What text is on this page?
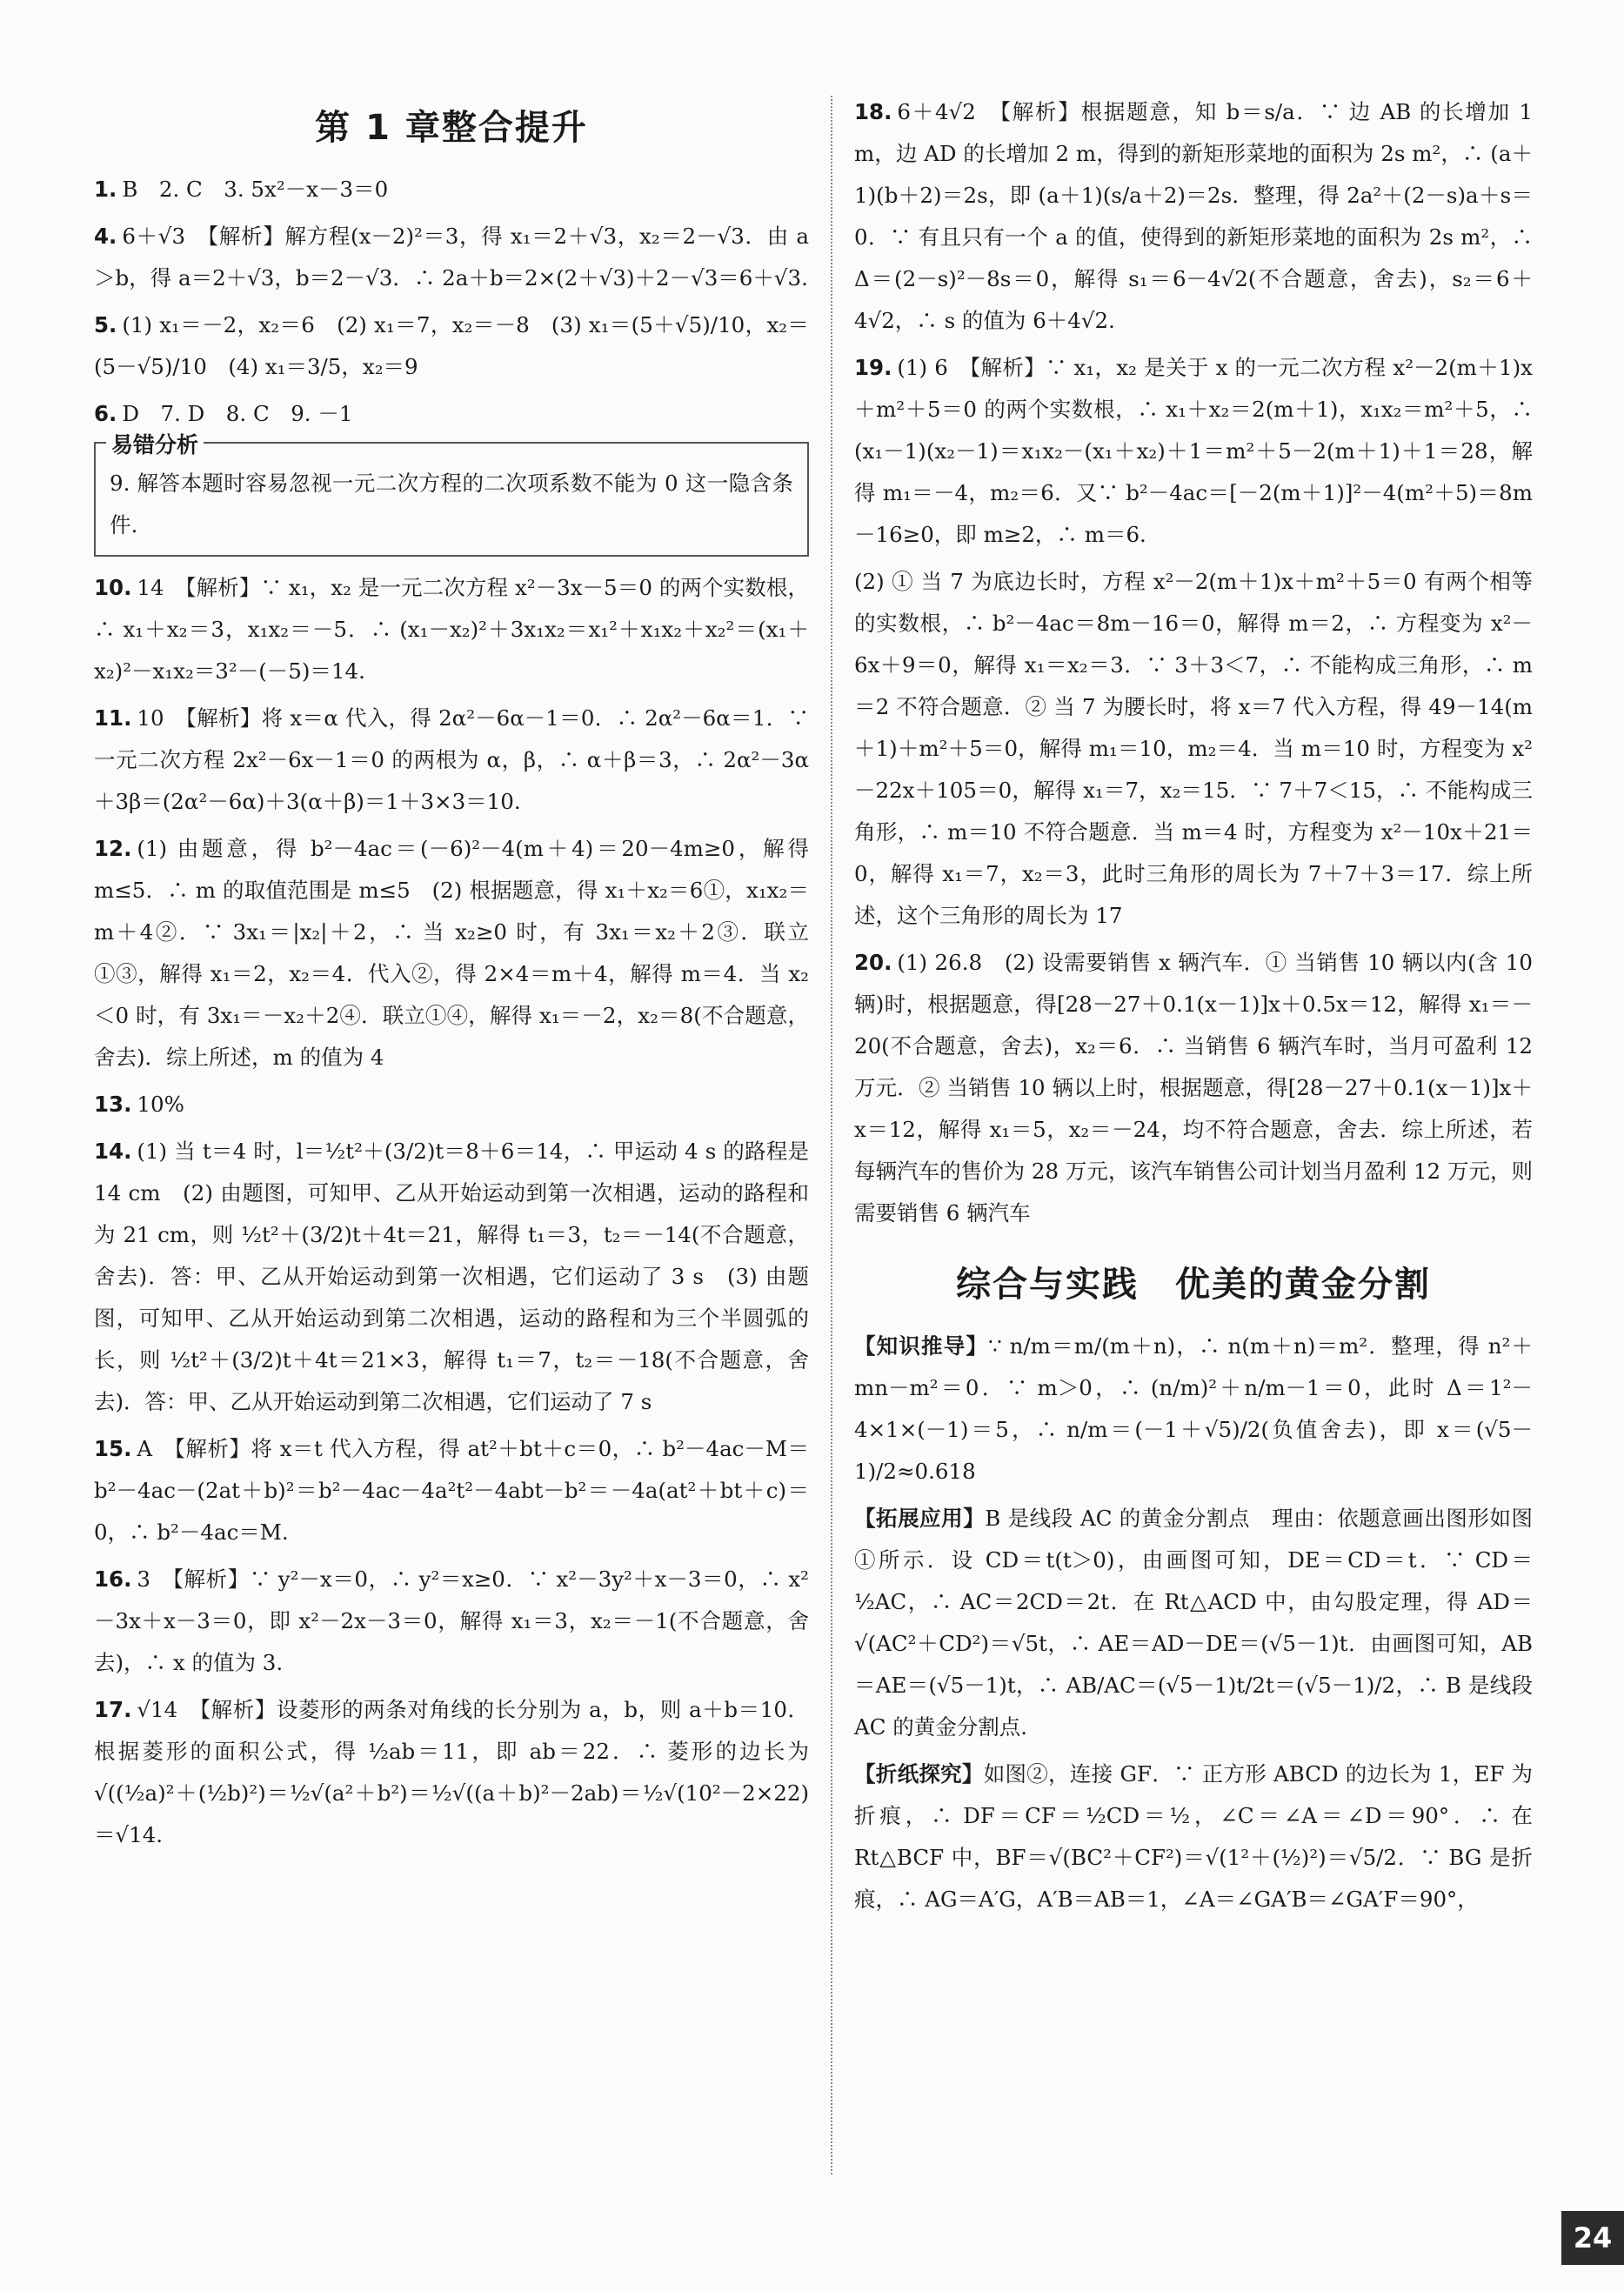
第 1 章整合提升

1. B　2. C　3. 5x²－x－3＝0

4. 6＋√3　【解析】解方程(x－2)²＝3，得 x₁＝2＋√3，x₂＝2－√3．由 a＞b，得 a＝2＋√3，b＝2－√3．∴ 2a＋b＝2×(2＋√3)＋2－√3＝6＋√3.

5. (1) x₁＝－2，x₂＝6　(2) x₁＝7，x₂＝－8　(3) x₁＝(5＋√5)/10，x₂＝(5－√5)/10　(4) x₁＝3/5，x₂＝9

6. D　7. D　8. C　9. －1

易错分析

9. 解答本题时容易忽视一元二次方程的二次项系数不能为 0 这一隐含条件.

10. 14　【解析】∵ x₁，x₂ 是一元二次方程 x²－3x－5＝0 的两个实数根，∴ x₁＋x₂＝3，x₁x₂＝－5．∴ (x₁－x₂)²＋3x₁x₂＝x₁²＋x₁x₂＋x₂²＝(x₁＋x₂)²－x₁x₂＝3²－(－5)＝14.

11. 10　【解析】将 x＝α 代入，得 2α²－6α－1＝0．∴ 2α²－6α＝1．∵ 一元二次方程 2x²－6x－1＝0 的两根为 α，β，∴ α＋β＝3，∴ 2α²－3α＋3β＝(2α²－6α)＋3(α＋β)＝1＋3×3＝10.

12. (1) 由题意，得 b²－4ac＝(－6)²－4(m＋4)＝20－4m≥0，解得 m≤5．∴ m 的取值范围是 m≤5　(2) 根据题意，得 x₁＋x₂＝6①，x₁x₂＝m＋4②．∵ 3x₁＝|x₂|＋2，∴ 当 x₂≥0 时，有 3x₁＝x₂＋2③．联立①③，解得 x₁＝2，x₂＝4．代入②，得 2×4＝m＋4，解得 m＝4．当 x₂＜0 时，有 3x₁＝－x₂＋2④．联立①④，解得 x₁＝－2，x₂＝8(不合题意，舍去)．综上所述，m 的值为 4

13. 10%

14. (1) 当 t＝4 时，l＝½t²＋(3/2)t＝8＋6＝14，∴ 甲运动 4 s 的路程是 14 cm　(2) 由题图，可知甲、乙从开始运动到第一次相遇，运动的路程和为 21 cm，则 ½t²＋(3/2)t＋4t＝21，解得 t₁＝3，t₂＝－14(不合题意，舍去)．答：甲、乙从开始运动到第一次相遇，它们运动了 3 s　(3) 由题图，可知甲、乙从开始运动到第二次相遇，运动的路程和为三个半圆弧的长，则 ½t²＋(3/2)t＋4t＝21×3，解得 t₁＝7，t₂＝－18(不合题意，舍去)．答：甲、乙从开始运动到第二次相遇，它们运动了 7 s

15. A　【解析】将 x＝t 代入方程，得 at²＋bt＋c＝0，∴ b²－4ac－M＝b²－4ac－(2at＋b)²＝b²－4ac－4a²t²－4abt－b²＝－4a(at²＋bt＋c)＝0，∴ b²－4ac＝M.

16. 3　【解析】∵ y²－x＝0，∴ y²＝x≥0．∵ x²－3y²＋x－3＝0，∴ x²－3x＋x－3＝0，即 x²－2x－3＝0，解得 x₁＝3，x₂＝－1(不合题意，舍去)，∴ x 的值为 3.

17. √14　【解析】设菱形的两条对角线的长分别为 a，b，则 a＋b＝10．根据菱形的面积公式，得 ½ab＝11，即 ab＝22．∴ 菱形的边长为 √((½a)²＋(½b)²)＝½√(a²＋b²)＝½√((a＋b)²－2ab)＝½√(10²－2×22)＝√14.

18. 6＋4√2　【解析】根据题意，知 b＝s/a．∵ 边 AB 的长增加 1 m，边 AD 的长增加 2 m，得到的新矩形菜地的面积为 2s m²，∴ (a＋1)(b＋2)＝2s，即 (a＋1)(s/a＋2)＝2s．整理，得 2a²＋(2－s)a＋s＝0．∵ 有且只有一个 a 的值，使得到的新矩形菜地的面积为 2s m²，∴ Δ＝(2－s)²－8s＝0，解得 s₁＝6－4√2(不合题意，舍去)，s₂＝6＋4√2，∴ s 的值为 6＋4√2.

19. (1) 6　【解析】∵ x₁，x₂ 是关于 x 的一元二次方程 x²－2(m＋1)x＋m²＋5＝0 的两个实数根，∴ x₁＋x₂＝2(m＋1)，x₁x₂＝m²＋5，∴ (x₁－1)(x₂－1)＝x₁x₂－(x₁＋x₂)＋1＝m²＋5－2(m＋1)＋1＝28，解得 m₁＝－4，m₂＝6．又∵ b²－4ac＝[－2(m＋1)]²－4(m²＋5)＝8m－16≥0，即 m≥2，∴ m＝6.

(2) ① 当 7 为底边长时，方程 x²－2(m＋1)x＋m²＋5＝0 有两个相等的实数根，∴ b²－4ac＝8m－16＝0，解得 m＝2，∴ 方程变为 x²－6x＋9＝0，解得 x₁＝x₂＝3．∵ 3＋3＜7，∴ 不能构成三角形，∴ m＝2 不符合题意．② 当 7 为腰长时，将 x＝7 代入方程，得 49－14(m＋1)＋m²＋5＝0，解得 m₁＝10，m₂＝4．当 m＝10 时，方程变为 x²－22x＋105＝0，解得 x₁＝7，x₂＝15．∵ 7＋7＜15，∴ 不能构成三角形，∴ m＝10 不符合题意．当 m＝4 时，方程变为 x²－10x＋21＝0，解得 x₁＝7，x₂＝3，此时三角形的周长为 7＋7＋3＝17．综上所述，这个三角形的周长为 17

20. (1) 26.8　(2) 设需要销售 x 辆汽车．① 当销售 10 辆以内(含 10 辆)时，根据题意，得[28－27＋0.1(x－1)]x＋0.5x＝12，解得 x₁＝－20(不合题意，舍去)，x₂＝6．∴ 当销售 6 辆汽车时，当月可盈利 12 万元．② 当销售 10 辆以上时，根据题意，得[28－27＋0.1(x－1)]x＋x＝12，解得 x₁＝5，x₂＝－24，均不符合题意，舍去．综上所述，若每辆汽车的售价为 28 万元，该汽车销售公司计划当月盈利 12 万元，则需要销售 6 辆汽车

综合与实践　优美的黄金分割

【知识推导】∵ n/m＝m/(m＋n)，∴ n(m＋n)＝m²．整理，得 n²＋mn－m²＝0．∵ m＞0，∴ (n/m)²＋n/m－1＝0，此时 Δ＝1²－4×1×(－1)＝5，∴ n/m＝(－1＋√5)/2(负值舍去)，即 x＝(√5－1)/2≈0.618

【拓展应用】B 是线段 AC 的黄金分割点　理由：依题意画出图形如图①所示．设 CD＝t(t＞0)，由画图可知，DE＝CD＝t．∵ CD＝½AC，∴ AC＝2CD＝2t．在 Rt△ACD 中，由勾股定理，得 AD＝√(AC²＋CD²)＝√5t，∴ AE＝AD－DE＝(√5－1)t．由画图可知，AB＝AE＝(√5－1)t，∴ AB/AC＝(√5－1)t/2t＝(√5－1)/2，∴ B 是线段 AC 的黄金分割点.

【折纸探究】如图②，连接 GF．∵ 正方形 ABCD 的边长为 1，EF 为折痕，∴ DF＝CF＝½CD＝½，∠C＝∠A＝∠D＝90°．∴ 在 Rt△BCF 中，BF＝√(BC²＋CF²)＝√(1²＋(½)²)＝√5/2．∵ BG 是折痕，∴ AG＝A′G，A′B＝AB＝1，∠A＝∠GA′B＝∠GA′F＝90°，

24
